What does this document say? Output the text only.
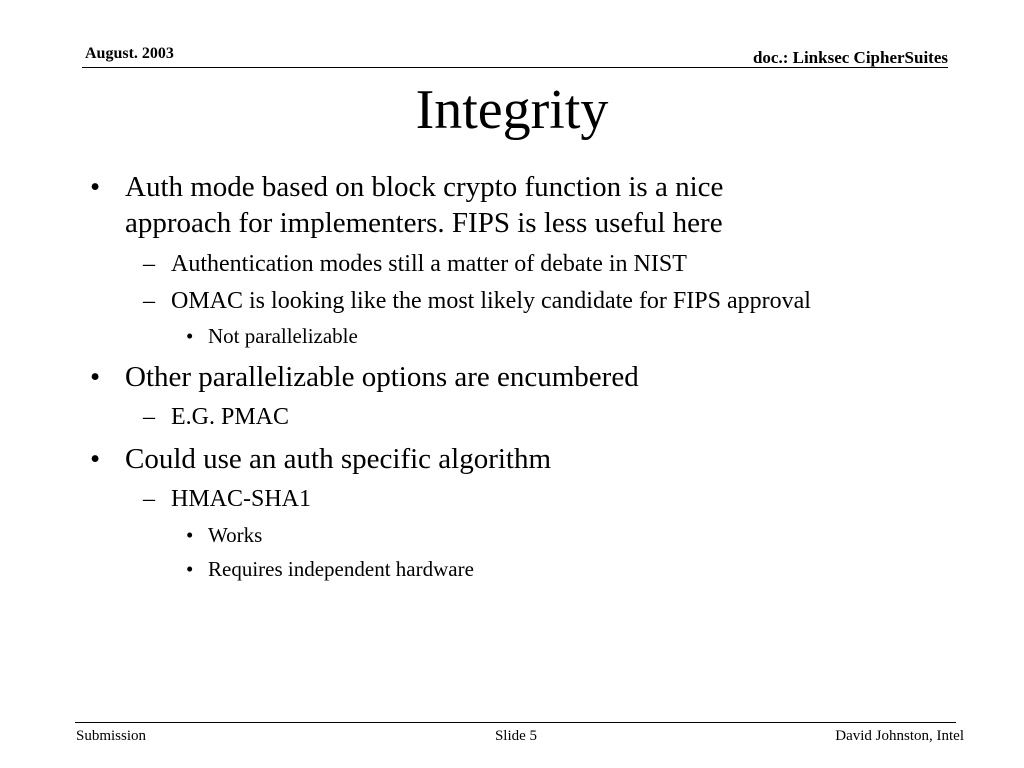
August. 2003	doc.: Linksec CipherSuites
Integrity
• Auth mode based on block crypto function is a nice
approach for implementers. FIPS is less useful here
– Authentication modes still a matter of debate in NIST
– OMAC is looking like the most likely candidate for FIPS approval
• Not parallelizable
• Other parallelizable options are encumbered
– E.G. PMAC
• Could use an auth specific algorithm
– HMAC-SHA1
• Works
• Requires independent hardware
Submission	Slide 5	David Johnston, Intel
